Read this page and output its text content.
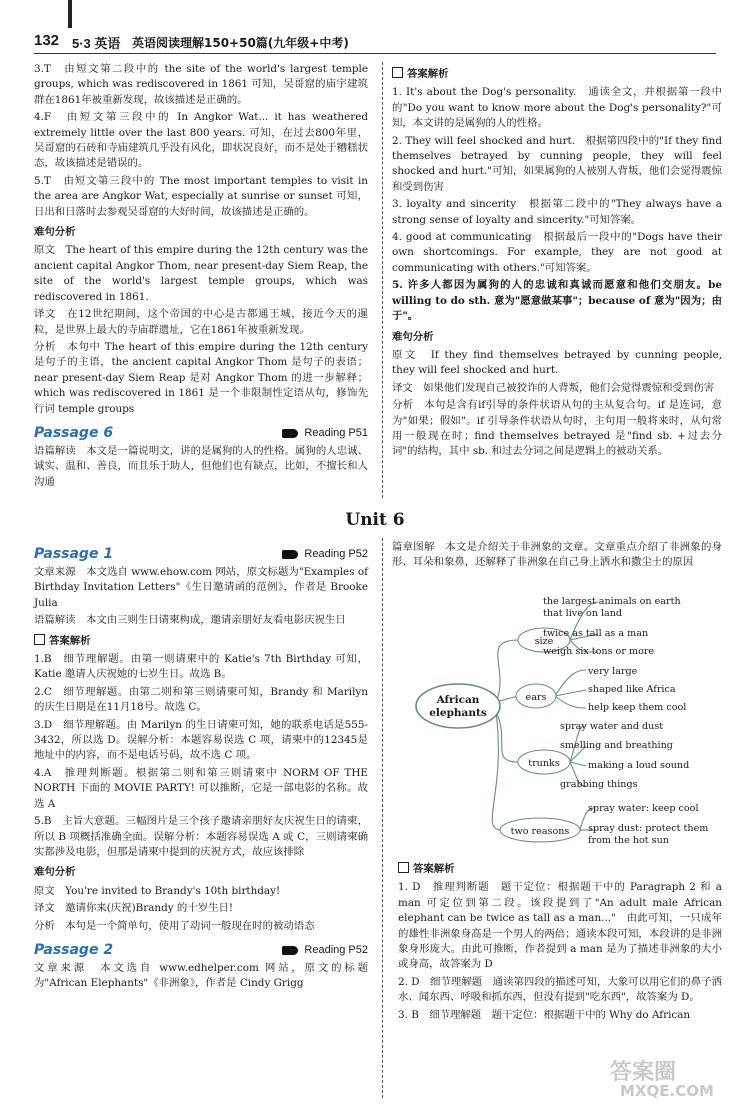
132 5·3 英语 英语阅读理解150+50篇(九年级+中考)

3.T　由短文第二段中的 the site of the world's largest temple groups, which was rediscovered in 1861 可知，吴哥窟的庙宇建筑群在1861年被重新发现，故该描述是正确的。

4.F　由短文第三段中的 In Angkor Wat... it has weathered extremely little over the last 800 years. 可知，在过去800年里，吴哥窟的石砖和寺庙建筑几乎没有风化，即状况良好，而不是处于糟糕状态，故该描述是错误的。

5.T　由短文第三段中的 The most important temples to visit in the area are Angkor Wat, especially at sunrise or sunset 可知，日出和日落时去参观吴哥窟的大好时间，故该描述是正确的。

难句分析

原文　The heart of this empire during the 12th century was the ancient capital Angkor Thom, near present-day Siem Reap, the site of the world's largest temple groups, which was rediscovered in 1861.

译文　在12世纪期间，这个帝国的中心是古都通王城，接近今天的暹粒，是世界上最大的寺庙群遗址，它在1861年被重新发现。

分析　本句中 The heart of this empire during the 12th century 是句子的主语，the ancient capital Angkor Thom 是句子的表语；near present-day Siem Reap 是对 Angkor Thom 的进一步解释；which was rediscovered in 1861 是一个非限制性定语从句，修饰先行词 temple groups

Passage 6	Reading P51

语篇解读　本文是一篇说明文，讲的是属狗的人的性格。属狗的人忠诚、诚实、温和、善良，而且乐于助人，但他们也有缺点，比如，不擅长和人沟通

答案解析

1. It's about the Dog's personality.　通读全文，并根据第一段中的"Do you want to know more about the Dog's personality?"可知，本文讲的是属狗的人的性格。

2. They will feel shocked and hurt.　根据第四段中的"If they find themselves betrayed by cunning people, they will feel shocked and hurt."可知，如果属狗的人被别人背叛，他们会觉得震惊和受到伤害

3. loyalty and sincerity　根据第二段中的"They always have a strong sense of loyalty and sincerity."可知答案。

4. good at communicating　根据最后一段中的"Dogs have their own shortcomings. For example, they are not good at communicating with others."可知答案。

5. 许多人都因为属狗的人的忠诚和真诚而愿意和他们交朋友。be willing to do sth. 意为"愿意做某事"；because of 意为"因为；由于"。

难句分析

原文　If they find themselves betrayed by cunning people, they will feel shocked and hurt.

译文　如果他们发现自己被狡诈的人背叛，他们会觉得震惊和受到伤害

分析　本句是含有if引导的条件状语从句的主从复合句。if 是连词，意为"如果；假如"。if 引导条件状语从句时，主句用一般将来时，从句常用一般现在时；find themselves betrayed 是"find sb. +过去分词"的结构，其中 sb. 和过去分词之间是逻辑上的被动关系。

Unit 6
Passage 1	Reading P52

文章来源　本文选自 www.ehow.com 网站，原文标题为"Examples of Birthday Invitation Letters"《生日邀请函的范例》，作者是 Brooke Julia

语篇解读　本文由三则生日请柬构成，邀请亲朋好友看电影庆祝生日

答案解析

1.B　细节理解题。由第一则请柬中的 Katie's 7th Birthday 可知，Katie 邀请人庆祝她的七岁生日。故选 B。

2.C　细节理解题。由第二则和第三则请柬可知，Brandy 和 Marilyn 的庆生日期是在11月18号。故选 C。

3.D　细节理解题。由 Marilyn 的生日请柬可知，她的联系电话是555-3432，所以选 D。误解分析：本题容易误选 C 项，请柬中的12345是地址中的内容，而不是电话号码，故不选 C 项。

4.A　推理判断题。根据第二则和第三则请柬中 NORM OF THE NORTH 下面的 MOVIE PARTY! 可以推断，它是一部电影的名称。故选 A

5.B　主旨大意题。三幅图片是三个孩子邀请亲朋好友庆祝生日的请柬，所以 B 项概括准确全面。误解分析：本题容易误选 A 或 C，三则请柬确实都涉及电影，但那是请柬中提到的庆祝方式，故应该排除

难句分析

原文　You're invited to Brandy's 10th birthday!

译文　邀请你来(庆祝)Brandy 的十岁生日!

分析　本句是一个简单句，使用了动词一般现在时的被动语态

Passage 2	Reading P52

文章来源　本文选自 www.edhelper.com 网站，原文的标题为"African Elephants"《非洲象》，作者是 Cindy Grigg

篇章图解　本文是介绍关于非洲象的文章。文章重点介绍了非洲象的身形、耳朵和象鼻，还解释了非洲象在自己身上洒水和撒尘土的原因

African
elephants
size
ears
trunks
two reasons
the largest animals on earth
that live on land
twice as tall as a man
weigh six tons or more
very large
shaped like Africa
help keep them cool
spray water and dust
smelling and breathing
making a loud sound
grabbing things
spray water: keep cool
spray dust: protect them
from the hot sun
答案解析

1. D　推理判断题　题干定位：根据题干中的 Paragraph 2 和 a man 可定位到第二段。该段提到了"An adult male African elephant can be twice as tall as a man..."　由此可知，一只成年的雄性非洲象身高是一个男人的两倍；通读本段可知，本段讲的是非洲象身形庞大。由此可推断，作者提到 a man 是为了描述非洲象的大小或身高，故答案为 D

2. D　细节理解题　通读第四段的描述可知，大象可以用它们的鼻子洒水、闻东西、呼吸和抓东西，但没有提到"吃东西"，故答案为 D。

3. B　细节理解题　题干定位：根据题干中的 Why do African

答案圈
MXQE.COM
